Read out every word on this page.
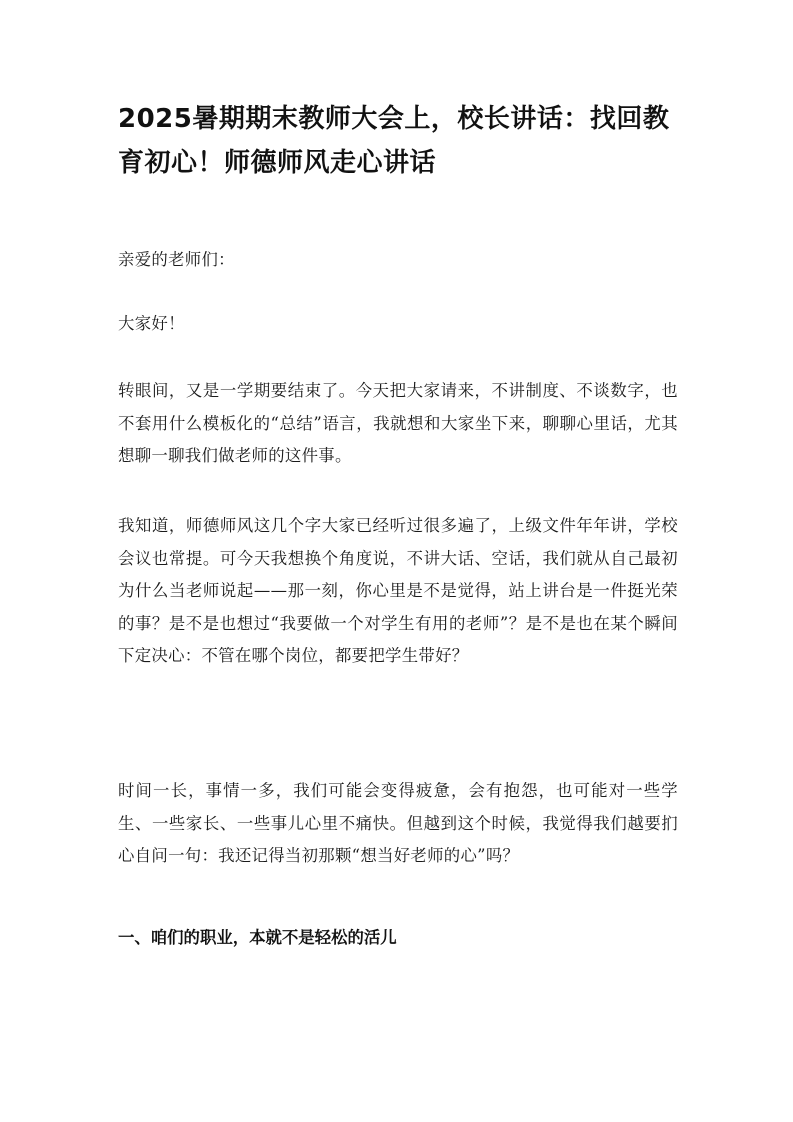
2025暑期期末教师大会上，校长讲话：找回教育初心！师德师风走心讲话

亲爱的老师们：

大家好！

转眼间，又是一学期要结束了。今天把大家请来，不讲制度、不谈数字，也不套用什么模板化的“总结”语言，我就想和大家坐下来，聊聊心里话，尤其想聊一聊我们做老师的这件事。

我知道，师德师风这几个字大家已经听过很多遍了，上级文件年年讲，学校会议也常提。可今天我想换个角度说，不讲大话、空话，我们就从自己最初为什么当老师说起——那一刻，你心里是不是觉得，站上讲台是一件挺光荣的事？是不是也想过“我要做一个对学生有用的老师”？是不是也在某个瞬间下定决心：不管在哪个岗位，都要把学生带好？

时间一长，事情一多，我们可能会变得疲惫，会有抱怨，也可能对一些学生、一些家长、一些事儿心里不痛快。但越到这个时候，我觉得我们越要扪心自问一句：我还记得当初那颗“想当好老师的心”吗？

一、咱们的职业，本就不是轻松的活儿
